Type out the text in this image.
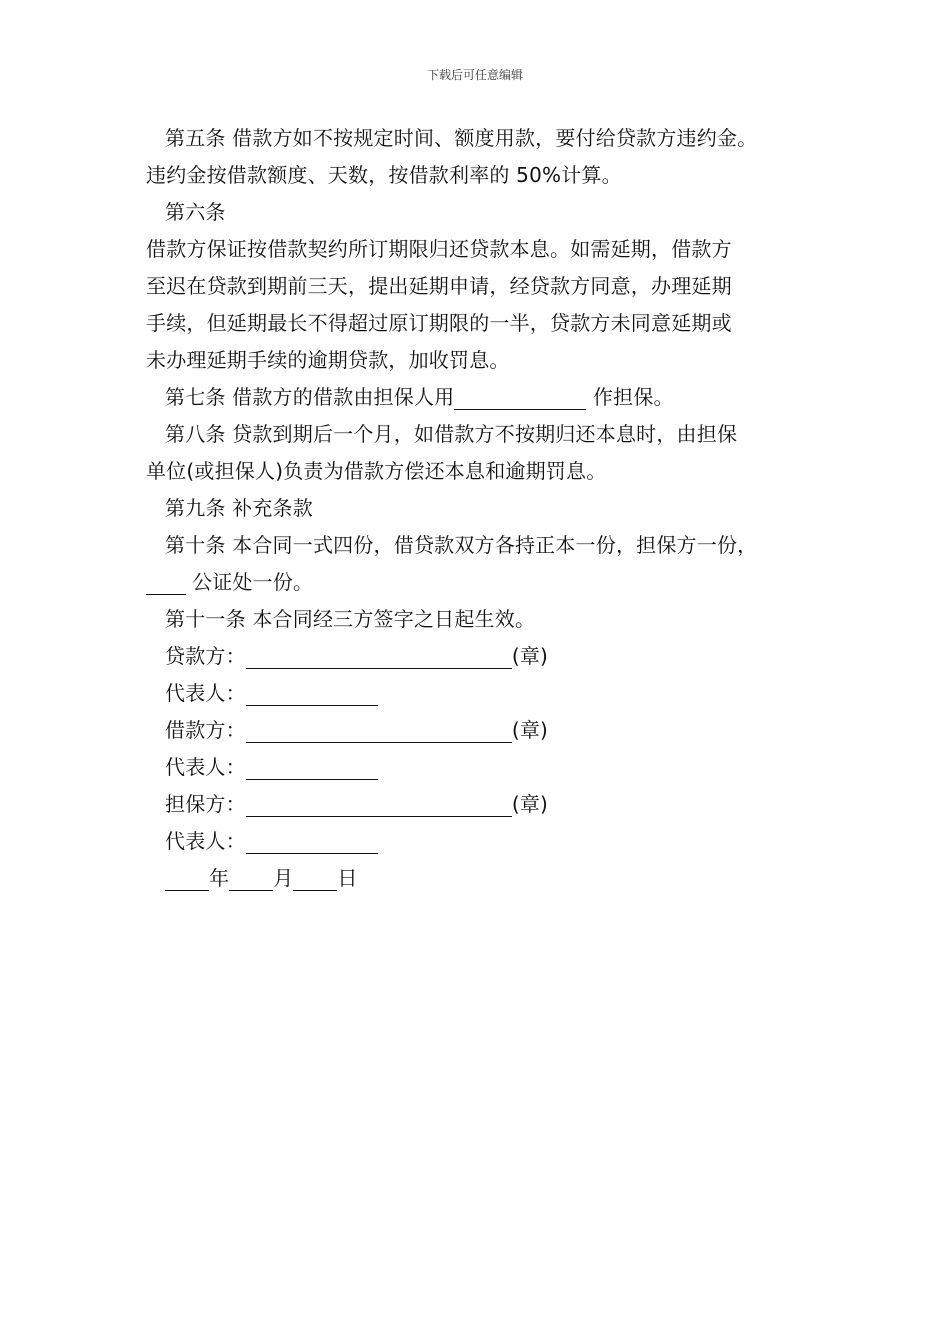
下载后可任意编辑

第五条 借款方如不按规定时间、额度用款，要付给贷款方违约金。

违约金按借款额度、天数，按借款利率的 50%计算。

第六条

借款方保证按借款契约所订期限归还贷款本息。如需延期，借款方

至迟在贷款到期前三天，提出延期申请，经贷款方同意，办理延期

手续，但延期最长不得超过原订期限的一半，贷款方未同意延期或

未办理延期手续的逾期贷款，加收罚息。

第七条 借款方的借款由担保人用	作担保。

第八条 贷款到期后一个月，如借款方不按期归还本息时，由担保

单位(或担保人)负责为借款方偿还本息和逾期罚息。

第九条 补充条款

第十条 本合同一式四份，借贷款双方各持正本一份，担保方一份，

公证处一份。

第十一条 本合同经三方签字之日起生效。

贷款方：	(章)

代表人：

借款方：	(章)

代表人：

担保方：	(章)

代表人：

年 月 日
